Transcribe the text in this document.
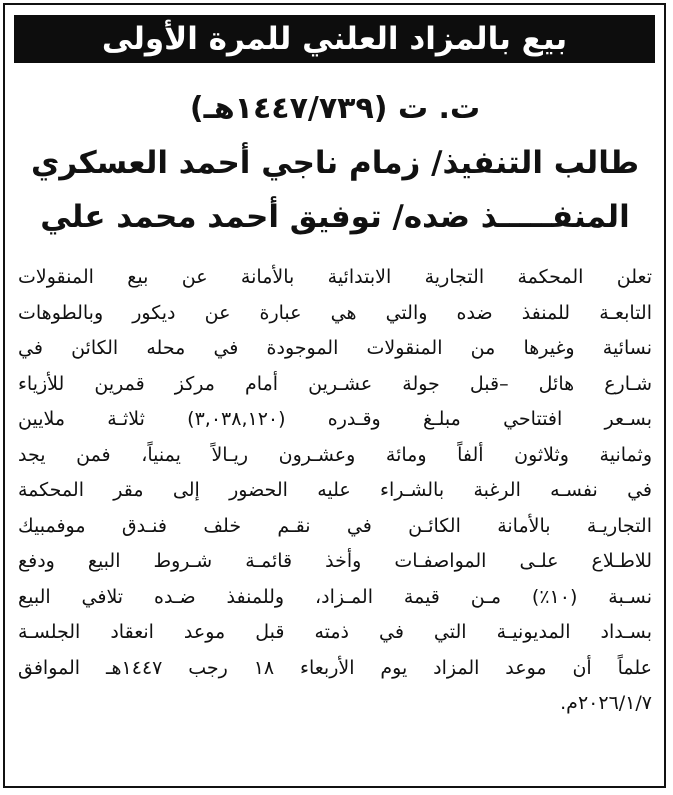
بيع بالمزاد العلني للمرة الأولى
ت. ت (١٤٤٧/٧٣٩هـ)
طالب التنفيذ/ زمام ناجي أحمد العسكري
المنفـــــذ ضده/ توفيق أحمد محمد علي
تعلن المحكمة التجارية الابتدائية بالأمانة عن بيع المنقولات
التابعـة للمنفذ ضده والتي هي عبارة عن ديكور وبالطوهات
نسائية وغيرها من المنقولات الموجودة في محله الكائن في
شـارع هائل –قبل جولة عشـرين أمام مركز قمرين للأزياء
بسـعر افتتاحي مبلـغ وقـدره (٣,٠٣٨,١٢٠) ثلاثـة ملايين
وثمانية وثلاثون ألفاً ومائة وعشـرون ريـالاً يمنياً، فمن يجد
في نفسـه الرغبة بالشـراء عليه الحضور إلى مقر المحكمة
التجاريـة بالأمانة الكائـن في نقـم خلف فنـدق موفمبيك
للاطـلاع علـى المواصفـات وأخذ قائمـة شـروط البيع ودفع
نسـبة (١٠٪) مـن قيمة المـزاد، وللمنفذ ضـده تلافي البيع
بسـداد المديونيـة التي في ذمته قبل موعد انعقاد الجلسـة
علماً أن موعد المزاد يوم الأربعاء ١٨ رجب ١٤٤٧هـ الموافق
٢٠٢٦/١/٧م.
